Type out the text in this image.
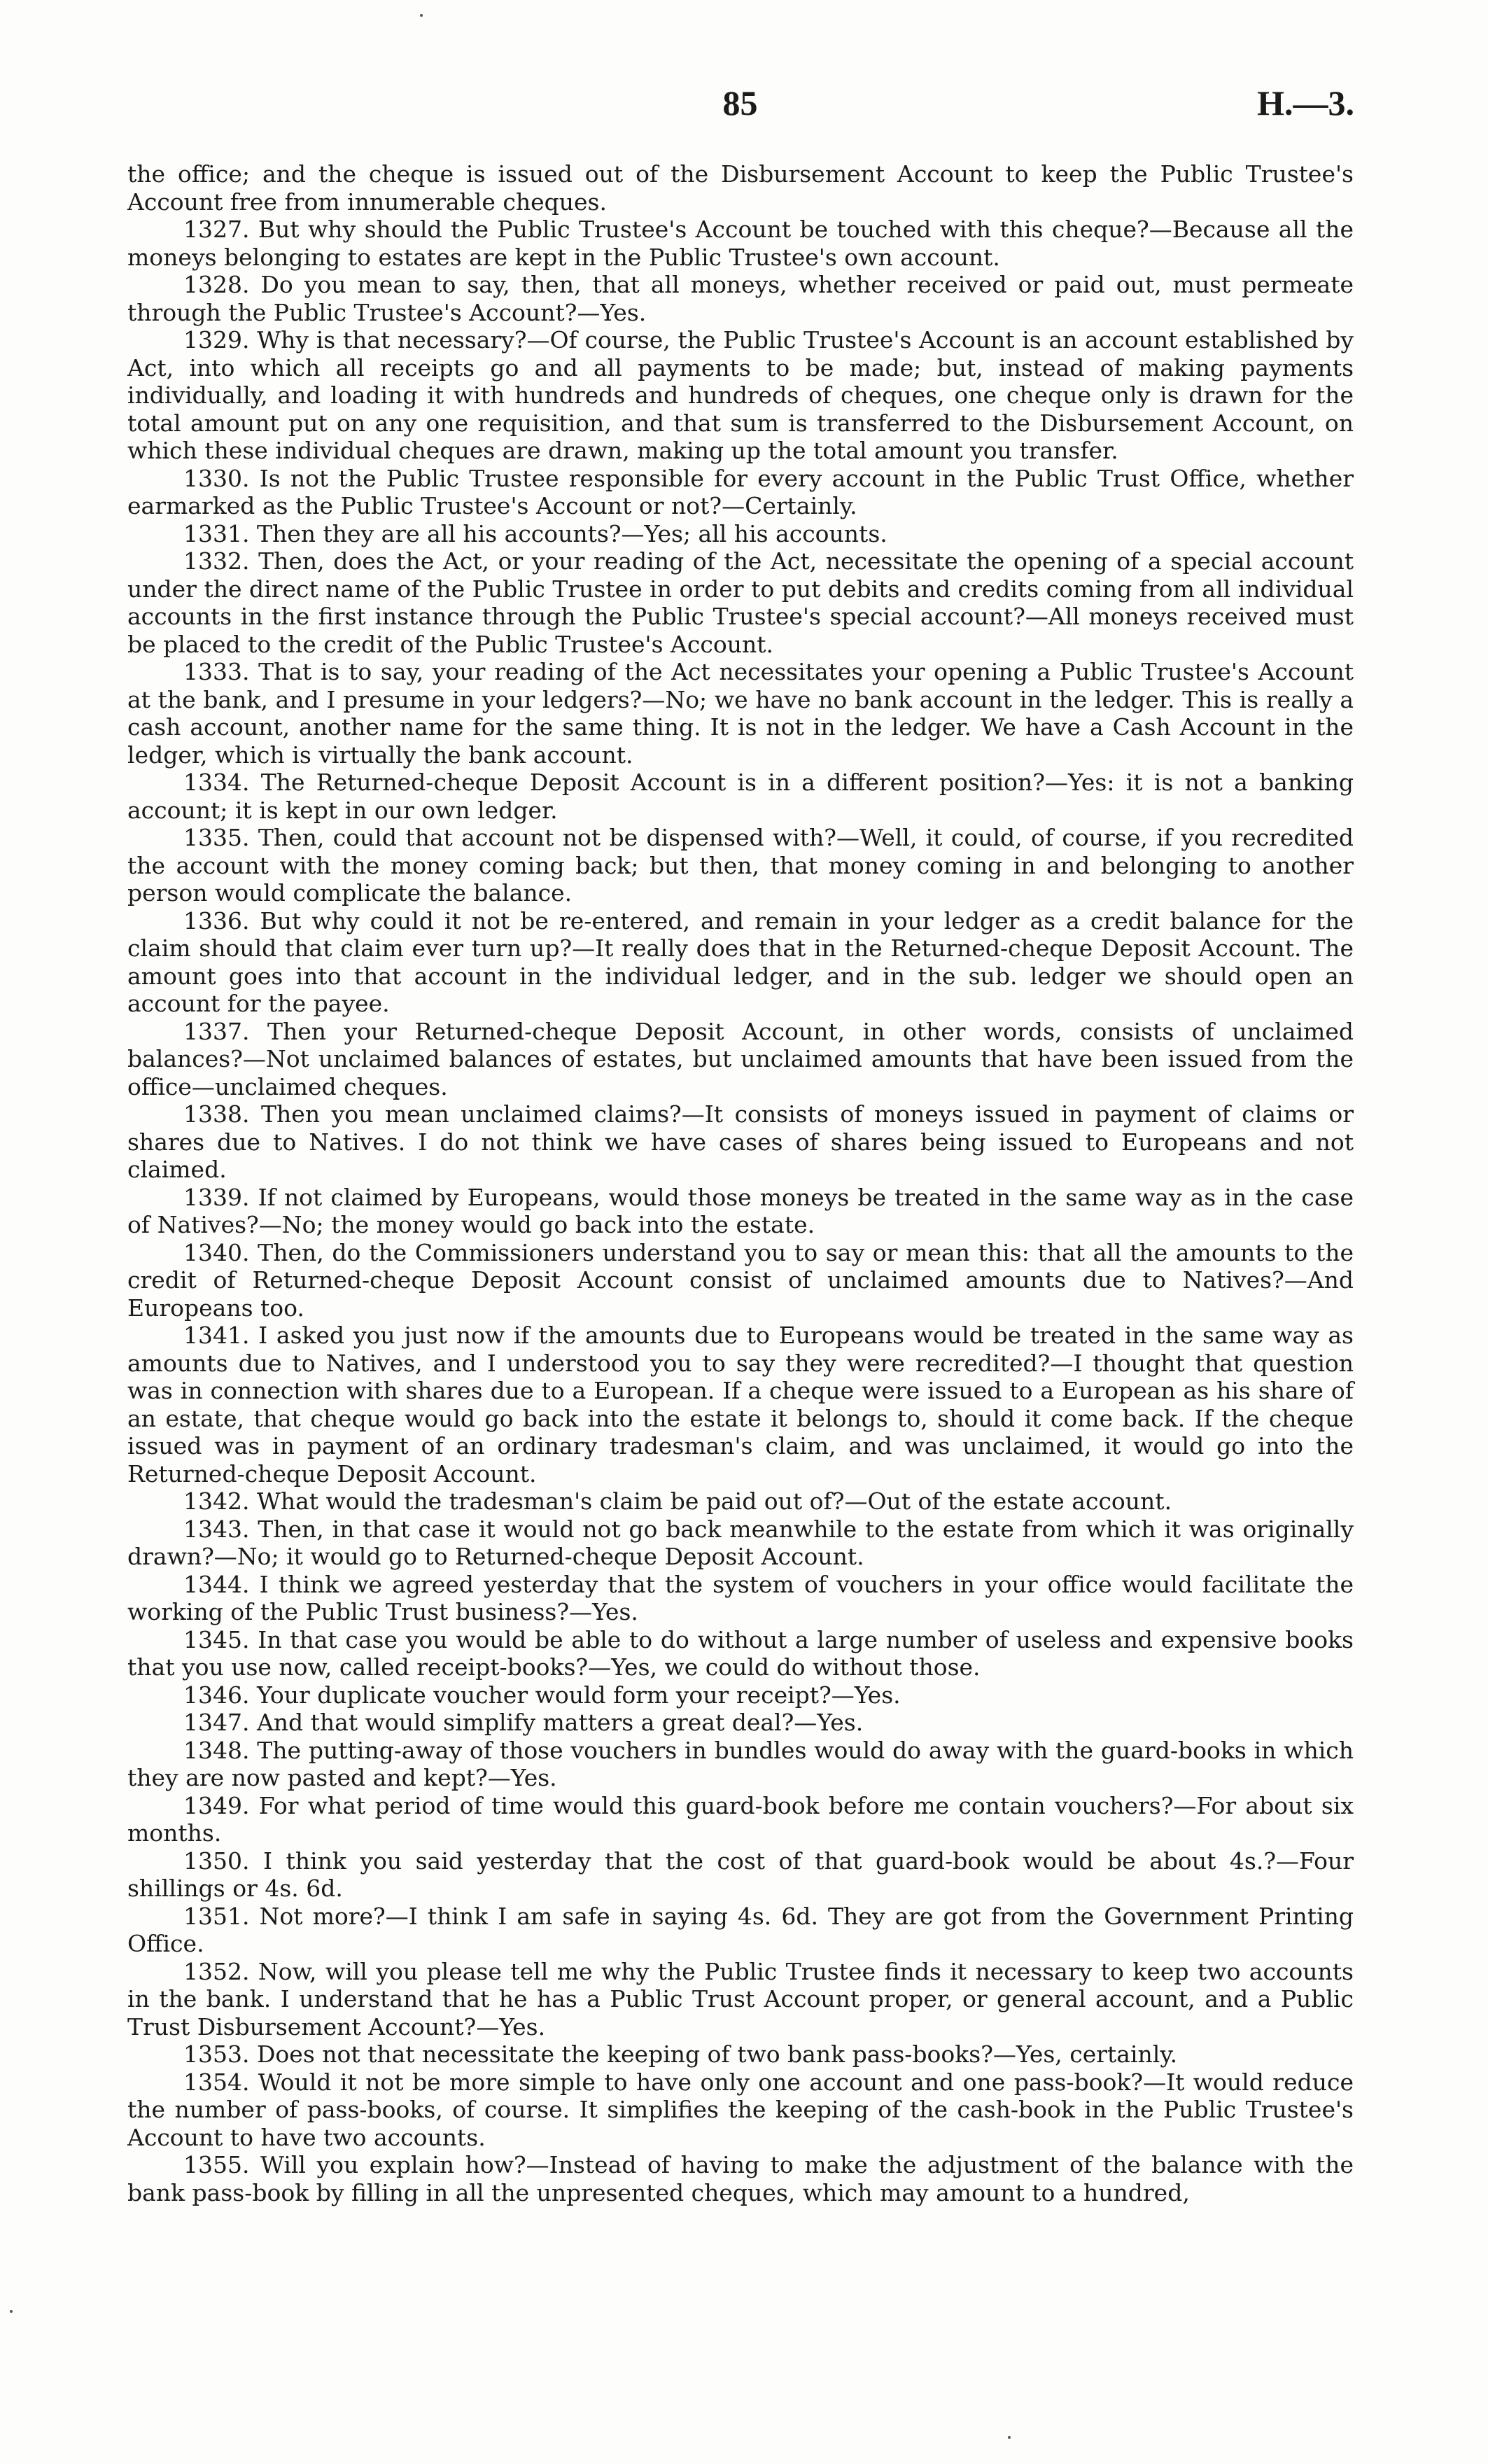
85	H.—3.

the office; and the cheque is issued out of the Disbursement Account to keep the Public Trustee's Account free from innumerable cheques.

1327. But why should the Public Trustee's Account be touched with this cheque?—Because all the moneys belonging to estates are kept in the Public Trustee's own account.

1328. Do you mean to say, then, that all moneys, whether received or paid out, must permeate through the Public Trustee's Account?—Yes.

1329. Why is that necessary?—Of course, the Public Trustee's Account is an account established by Act, into which all receipts go and all payments to be made; but, instead of making payments individually, and loading it with hundreds and hundreds of cheques, one cheque only is drawn for the total amount put on any one requisition, and that sum is transferred to the Disbursement Account, on which these individual cheques are drawn, making up the total amount you transfer.

1330. Is not the Public Trustee responsible for every account in the Public Trust Office, whether earmarked as the Public Trustee's Account or not?—Certainly.

1331. Then they are all his accounts?—Yes; all his accounts.

1332. Then, does the Act, or your reading of the Act, necessitate the opening of a special account under the direct name of the Public Trustee in order to put debits and credits coming from all individual accounts in the first instance through the Public Trustee's special account?—All moneys received must be placed to the credit of the Public Trustee's Account.

1333. That is to say, your reading of the Act necessitates your opening a Public Trustee's Account at the bank, and I presume in your ledgers?—No; we have no bank account in the ledger. This is really a cash account, another name for the same thing. It is not in the ledger. We have a Cash Account in the ledger, which is virtually the bank account.

1334. The Returned-cheque Deposit Account is in a different position?—Yes: it is not a banking account; it is kept in our own ledger.

1335. Then, could that account not be dispensed with?—Well, it could, of course, if you recredited the account with the money coming back; but then, that money coming in and belonging to another person would complicate the balance.

1336. But why could it not be re-entered, and remain in your ledger as a credit balance for the claim should that claim ever turn up?—It really does that in the Returned-cheque Deposit Account. The amount goes into that account in the individual ledger, and in the sub. ledger we should open an account for the payee.

1337. Then your Returned-cheque Deposit Account, in other words, consists of unclaimed balances?—Not unclaimed balances of estates, but unclaimed amounts that have been issued from the office—unclaimed cheques.

1338. Then you mean unclaimed claims?—It consists of moneys issued in payment of claims or shares due to Natives. I do not think we have cases of shares being issued to Europeans and not claimed.

1339. If not claimed by Europeans, would those moneys be treated in the same way as in the case of Natives?—No; the money would go back into the estate.

1340. Then, do the Commissioners understand you to say or mean this: that all the amounts to the credit of Returned-cheque Deposit Account consist of unclaimed amounts due to Natives?—And Europeans too.

1341. I asked you just now if the amounts due to Europeans would be treated in the same way as amounts due to Natives, and I understood you to say they were recredited?—I thought that question was in connection with shares due to a European. If a cheque were issued to a European as his share of an estate, that cheque would go back into the estate it belongs to, should it come back. If the cheque issued was in payment of an ordinary tradesman's claim, and was unclaimed, it would go into the Returned-cheque Deposit Account.

1342. What would the tradesman's claim be paid out of?—Out of the estate account.

1343. Then, in that case it would not go back meanwhile to the estate from which it was originally drawn?—No; it would go to Returned-cheque Deposit Account.

1344. I think we agreed yesterday that the system of vouchers in your office would facilitate the working of the Public Trust business?—Yes.

1345. In that case you would be able to do without a large number of useless and expensive books that you use now, called receipt-books?—Yes, we could do without those.

1346. Your duplicate voucher would form your receipt?—Yes.

1347. And that would simplify matters a great deal?—Yes.

1348. The putting-away of those vouchers in bundles would do away with the guard-books in which they are now pasted and kept?—Yes.

1349. For what period of time would this guard-book before me contain vouchers?—For about six months.

1350. I think you said yesterday that the cost of that guard-book would be about 4s.?—Four shillings or 4s. 6d.

1351. Not more?—I think I am safe in saying 4s. 6d. They are got from the Government Printing Office.

1352. Now, will you please tell me why the Public Trustee finds it necessary to keep two accounts in the bank. I understand that he has a Public Trust Account proper, or general account, and a Public Trust Disbursement Account?—Yes.

1353. Does not that necessitate the keeping of two bank pass-books?—Yes, certainly.

1354. Would it not be more simple to have only one account and one pass-book?—It would reduce the number of pass-books, of course. It simplifies the keeping of the cash-book in the Public Trustee's Account to have two accounts.

1355. Will you explain how?—Instead of having to make the adjustment of the balance with the bank pass-book by filling in all the unpresented cheques, which may amount to a hundred,
